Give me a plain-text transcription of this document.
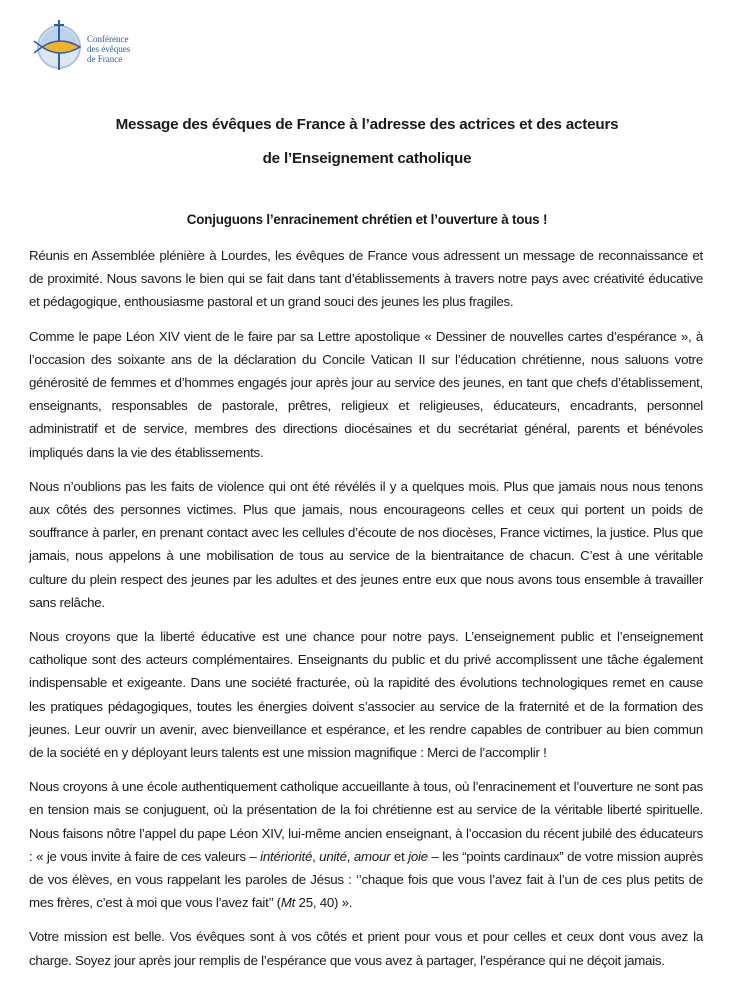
Conférence
des évêques
de France
Message des évêques de France à l’adresse des actrices et des acteurs
de l’Enseignement catholique
Conjuguons l’enracinement chrétien et l’ouverture à tous !

Réunis en Assemblée plénière à Lourdes, les évêques de France vous adressent un message de reconnaissance et de proximité. Nous savons le bien qui se fait dans tant d’établissements à travers notre pays avec créativité éducative et pédagogique, enthousiasme pastoral et un grand souci des jeunes les plus fragiles.

Comme le pape Léon XIV vient de le faire par sa Lettre apostolique « Dessiner de nouvelles cartes d’espérance », à l’occasion des soixante ans de la déclaration du Concile Vatican II sur l’éducation chrétienne, nous saluons votre générosité de femmes et d’hommes engagés jour après jour au service des jeunes, en tant que chefs d’établissement, enseignants, responsables de pastorale, prêtres, religieux et religieuses, éducateurs, encadrants, personnel administratif et de service, membres des directions diocésaines et du secrétariat général, parents et bénévoles impliqués dans la vie des établissements.

Nous n’oublions pas les faits de violence qui ont été révélés il y a quelques mois. Plus que jamais nous nous tenons aux côtés des personnes victimes. Plus que jamais, nous encourageons celles et ceux qui portent un poids de souffrance à parler, en prenant contact avec les cellules d’écoute de nos diocèses, France victimes, la justice. Plus que jamais, nous appelons à une mobilisation de tous au service de la bientraitance de chacun. C’est à une véritable culture du plein respect des jeunes par les adultes et des jeunes entre eux que nous avons tous ensemble à travailler sans relâche.

Nous croyons que la liberté éducative est une chance pour notre pays. L’enseignement public et l’enseignement catholique sont des acteurs complémentaires. Enseignants du public et du privé accomplissent une tâche également indispensable et exigeante. Dans une société fracturée, où la rapidité des évolutions technologiques remet en cause les pratiques pédagogiques, toutes les énergies doivent s’associer au service de la fraternité et de la formation des jeunes. Leur ouvrir un avenir, avec bienveillance et espérance, et les rendre capables de contribuer au bien commun de la société en y déployant leurs talents est une mission magnifique : Merci de l’accomplir !

Nous croyons à une école authentiquement catholique accueillante à tous, où l’enracinement et l’ouverture ne sont pas en tension mais se conjuguent, où la présentation de la foi chrétienne est au service de la véritable liberté spirituelle. Nous faisons nôtre l’appel du pape Léon XIV, lui-même ancien enseignant, à l’occasion du récent jubilé des éducateurs : « je vous invite à faire de ces valeurs – intériorité, unité, amour et joie – les “points cardinaux” de votre mission auprès de vos élèves, en vous rappelant les paroles de Jésus : ‘’chaque fois que vous l’avez fait à l’un de ces plus petits de mes frères, c’est à moi que vous l’avez fait’’ (Mt 25, 40) ».

Votre mission est belle. Vos évêques sont à vos côtés et prient pour vous et pour celles et ceux dont vous avez la charge. Soyez jour après jour remplis de l’espérance que vous avez à partager, l’espérance qui ne déçoit jamais.
